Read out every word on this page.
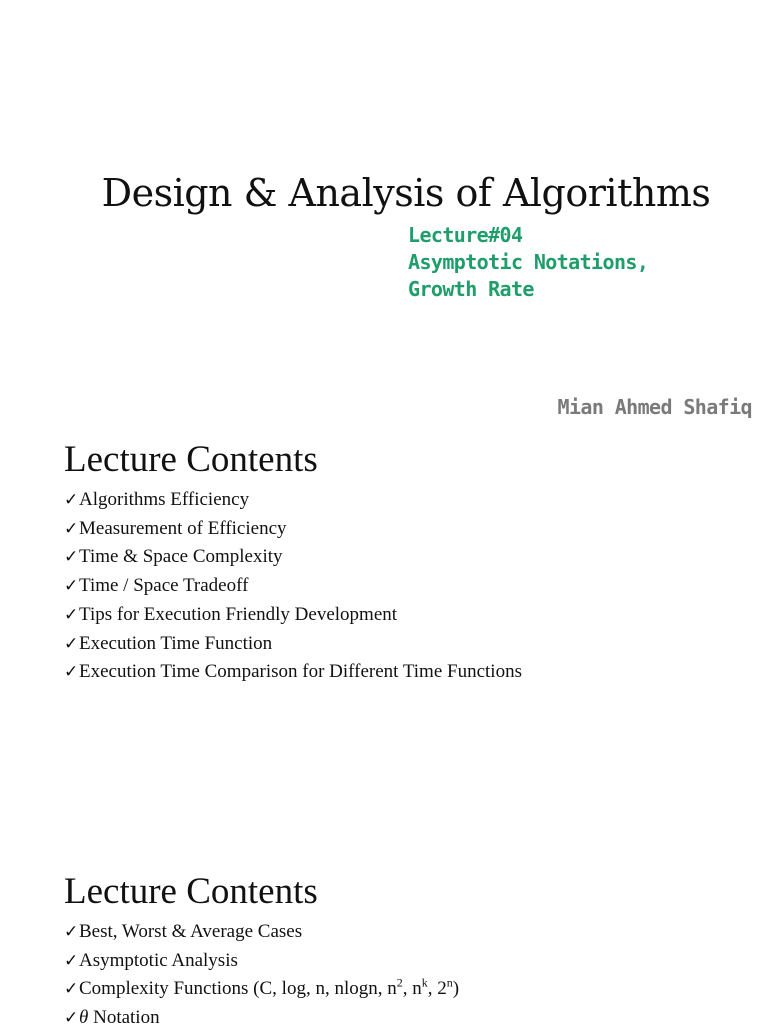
Design & Analysis of Algorithms
Lecture#04
Asymptotic Notations,
Growth Rate
Mian Ahmed Shafiq
Lecture Contents
✓Algorithms Efficiency
✓Measurement of Efficiency
✓Time & Space Complexity
✓Time / Space Tradeoff
✓Tips for Execution Friendly Development
✓Execution Time Function
✓Execution Time Comparison for Different Time Functions
Lecture Contents
✓Best, Worst & Average Cases
✓Asymptotic Analysis
✓Complexity Functions (C, log, n, nlogn, $n^2$, $n^k$, 2$^n$)
✓θ Notation
